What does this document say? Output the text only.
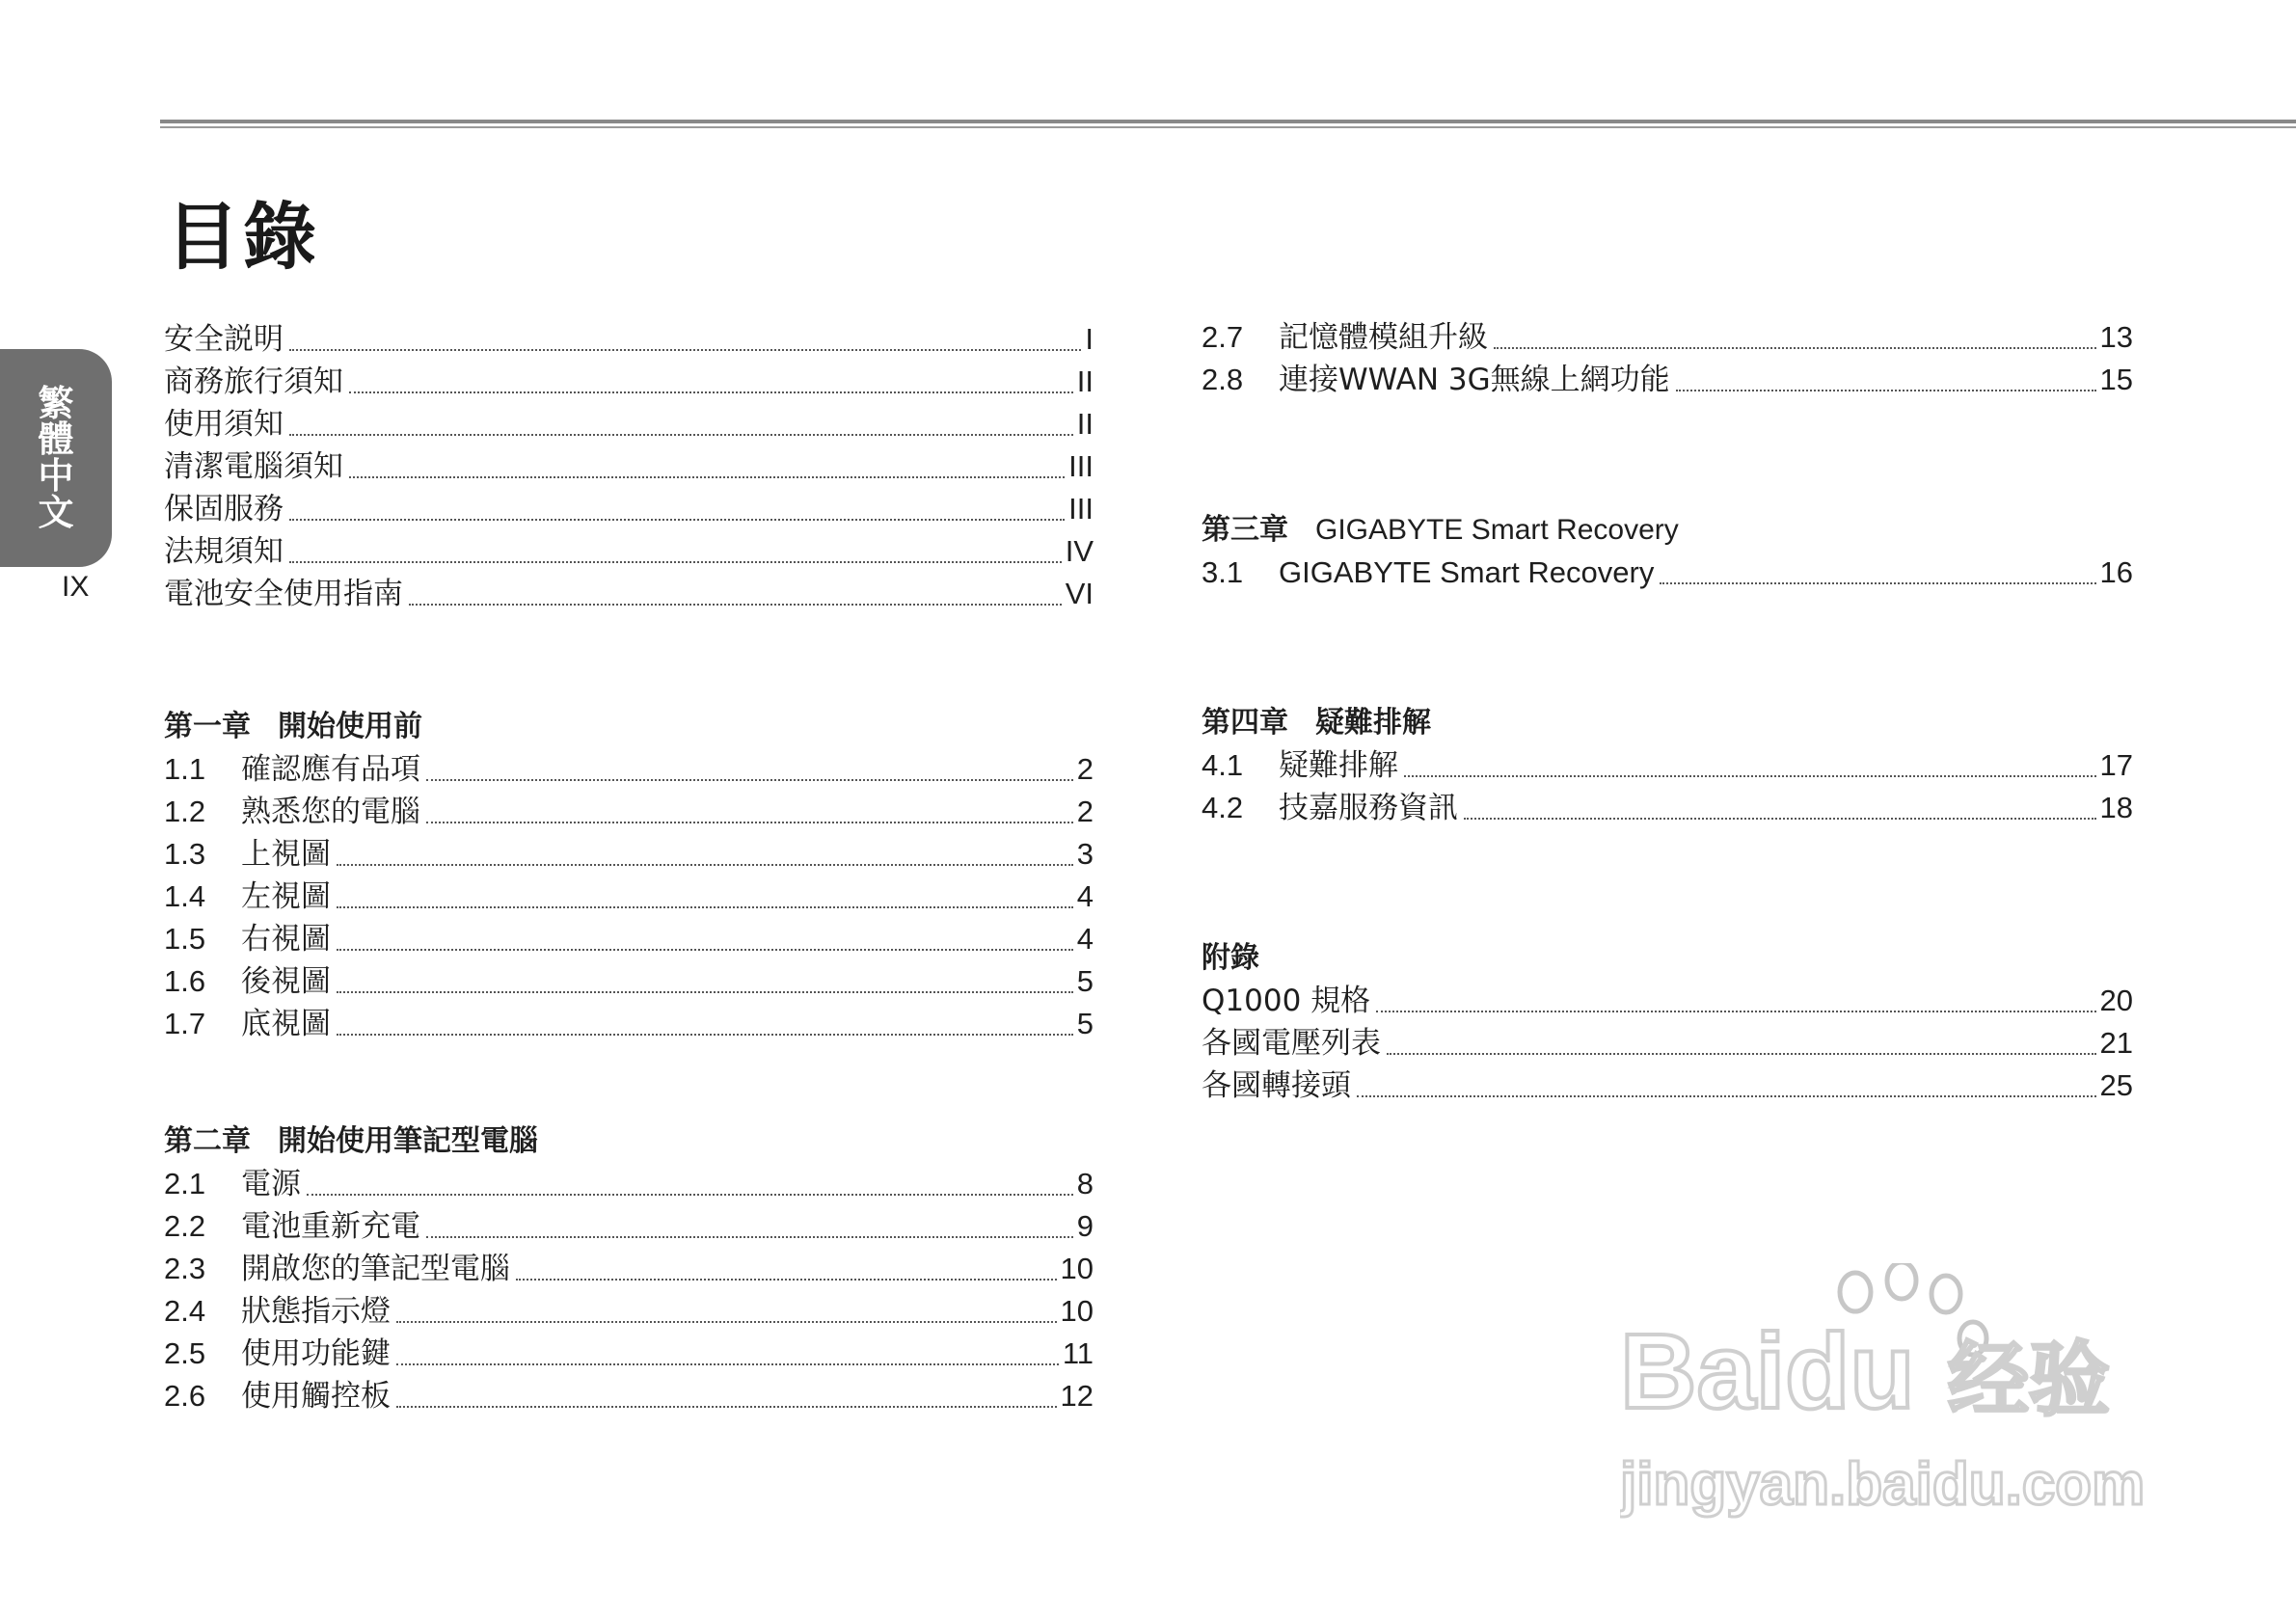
目錄
繁
體
中
文
IX
安全説明	I
商務旅行須知	II
使用須知	II
清潔電腦須知	III
保固服務	III
法規須知	IV
電池安全使用指南	VI
第一章 開始使用前
1.1	確認應有品項	2
1.2	熟悉您的電腦	2
1.3	上視圖	3
1.4	左視圖	4
1.5	右視圖	4
1.6	後視圖	5
1.7	底視圖	5
第二章 開始使用筆記型電腦
2.1	電源	8
2.2	電池重新充電	9
2.3	開啟您的筆記型電腦	10
2.4	狀態指示燈	10
2.5	使用功能鍵	11
2.6	使用觸控板	12
2.7	記憶體模組升級	13
2.8	連接WWAN 3G無線上網功能	15
第三章 GIGABYTE Smart Recovery
3.1	GIGABYTE Smart Recovery	16
第四章 疑難排解
4.1	疑難排解	17
4.2	技嘉服務資訊	18
附錄
Q1000 規格	20
各國電壓列表	21
各國轉接頭	25
Baidu 经验
jingyan.baidu.com
